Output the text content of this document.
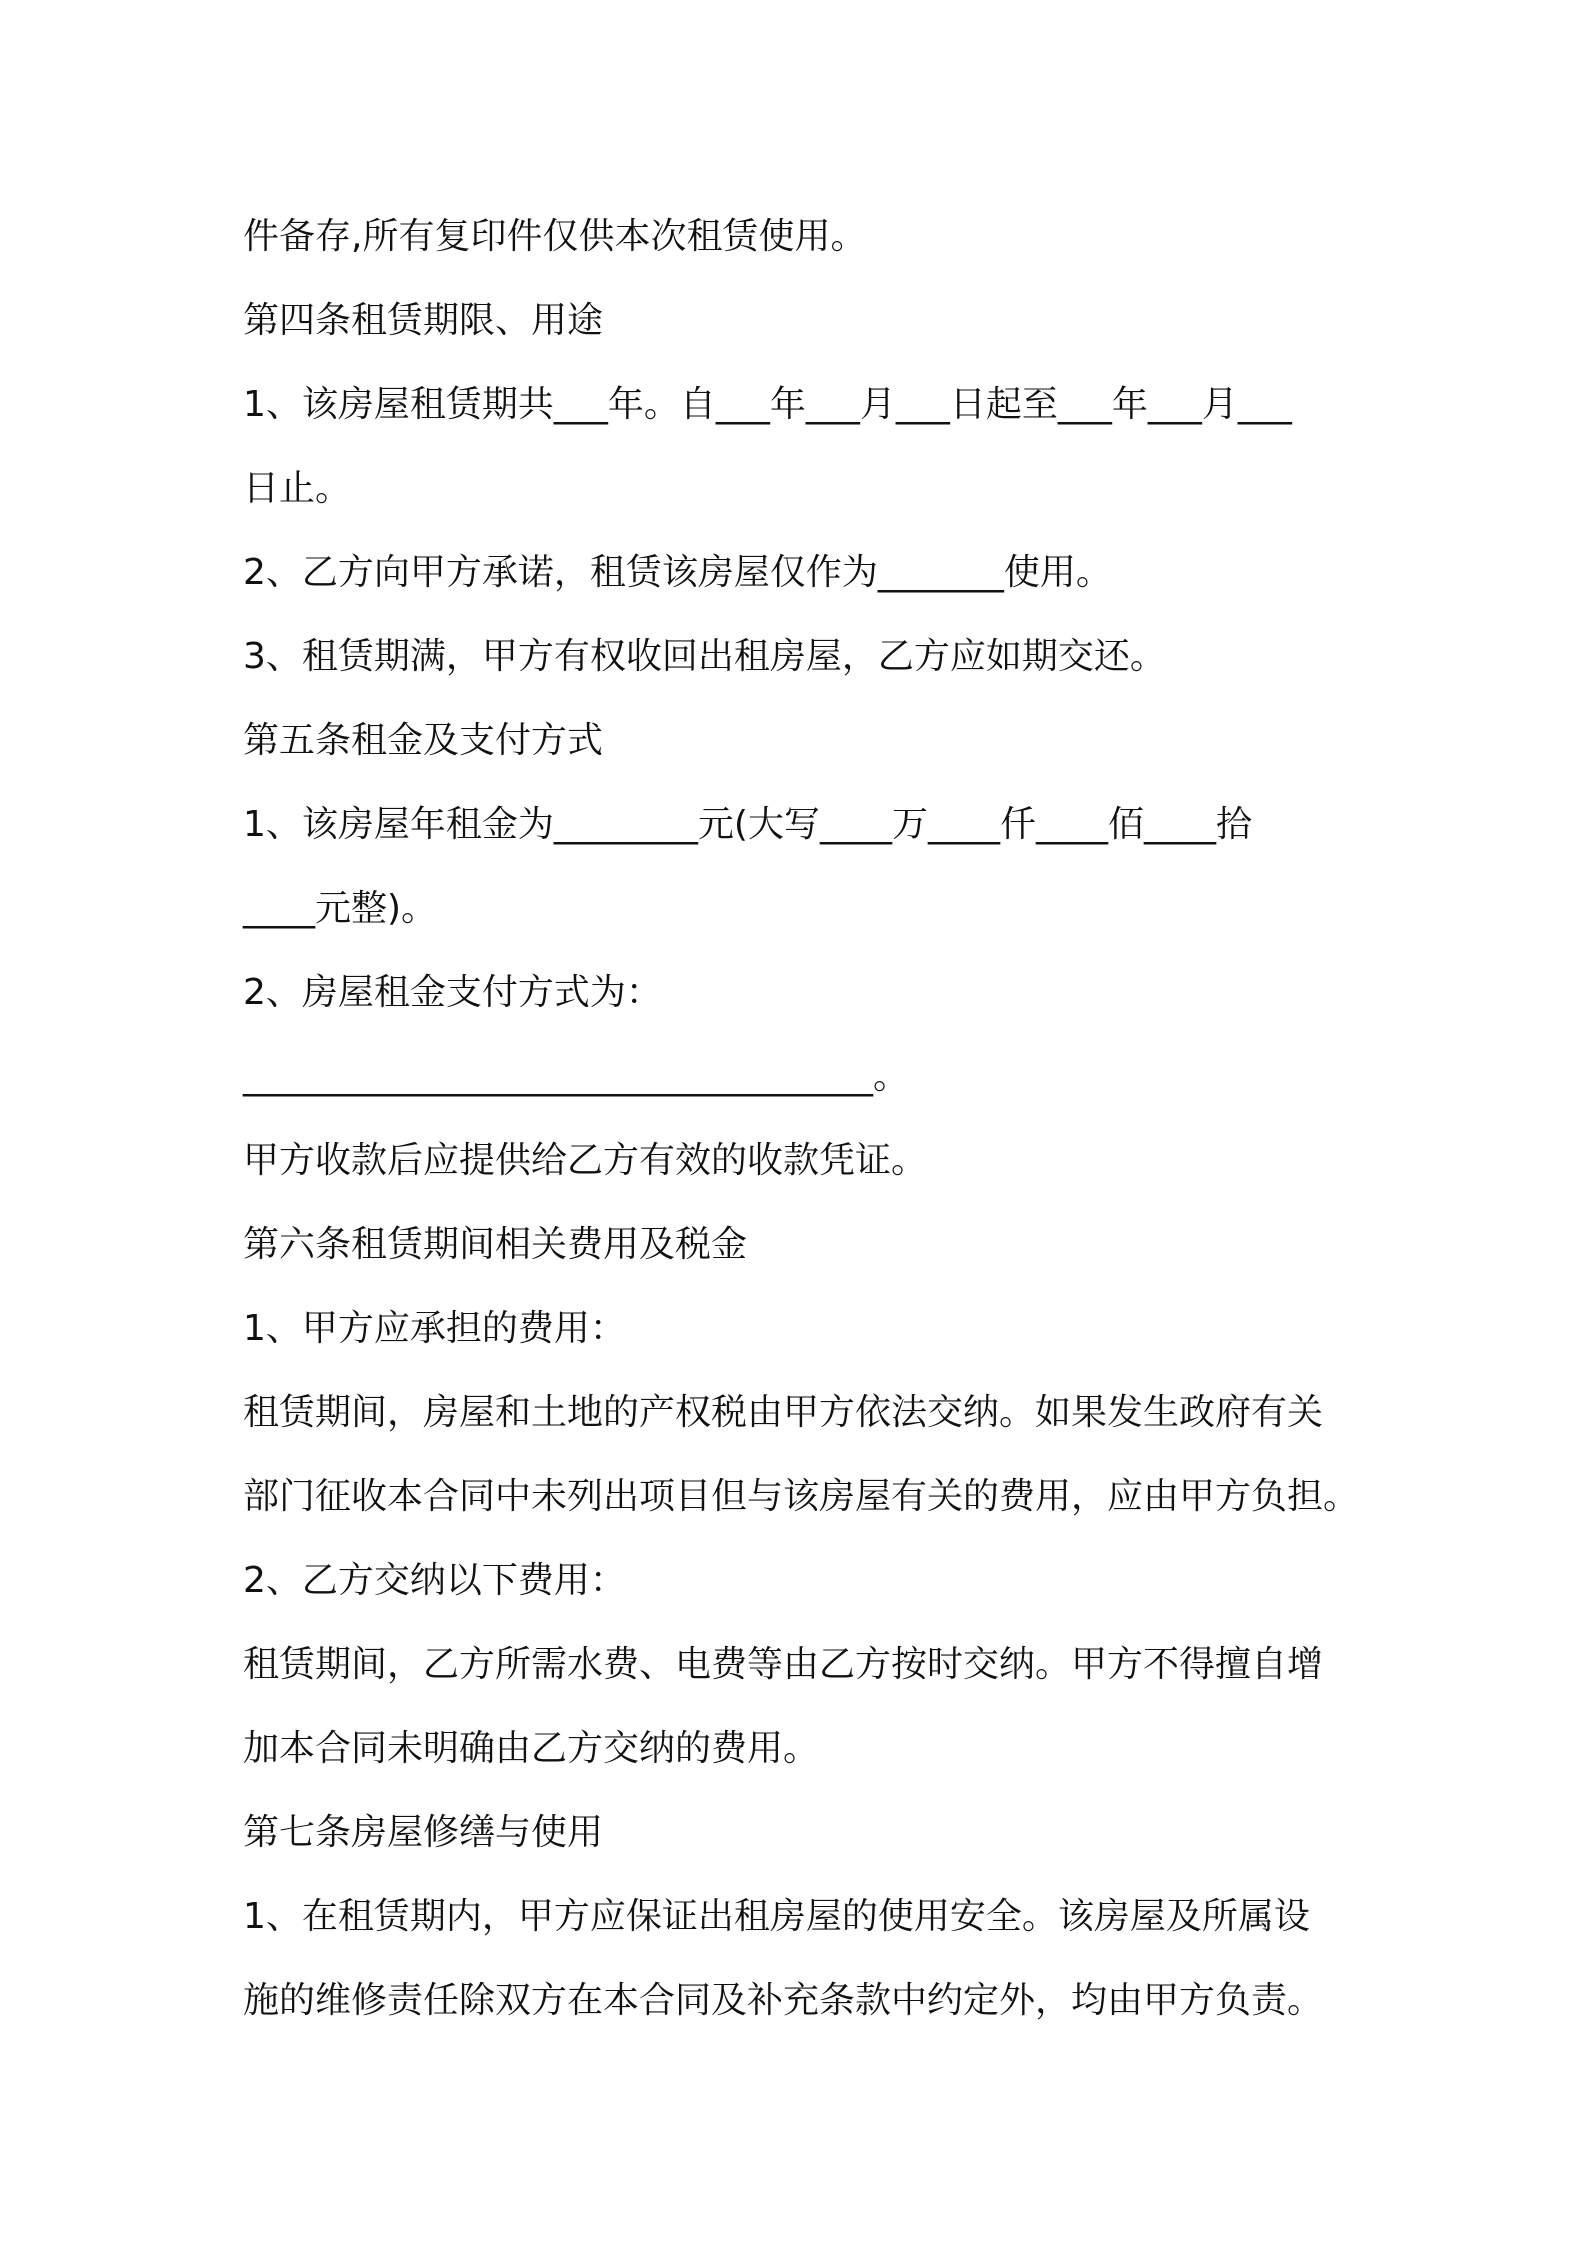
件备存,所有复印件仅供本次租赁使用。
第四条租赁期限、用途
1、该房屋租赁期共___年。自___年___月___日起至___年___月___
日止。
2、乙方向甲方承诺，租赁该房屋仅作为_______使用。
3、租赁期满，甲方有权收回出租房屋，乙方应如期交还。
第五条租金及支付方式
1、该房屋年租金为________元(大写____万____仟____佰____拾
____元整)。
2、房屋租金支付方式为：
___________________________________。
甲方收款后应提供给乙方有效的收款凭证。
第六条租赁期间相关费用及税金
1、甲方应承担的费用：
租赁期间，房屋和土地的产权税由甲方依法交纳。如果发生政府有关
部门征收本合同中未列出项目但与该房屋有关的费用，应由甲方负担。
2、乙方交纳以下费用：
租赁期间，乙方所需水费、电费等由乙方按时交纳。甲方不得擅自增
加本合同未明确由乙方交纳的费用。
第七条房屋修缮与使用
1、在租赁期内，甲方应保证出租房屋的使用安全。该房屋及所属设
施的维修责任除双方在本合同及补充条款中约定外，均由甲方负责。
